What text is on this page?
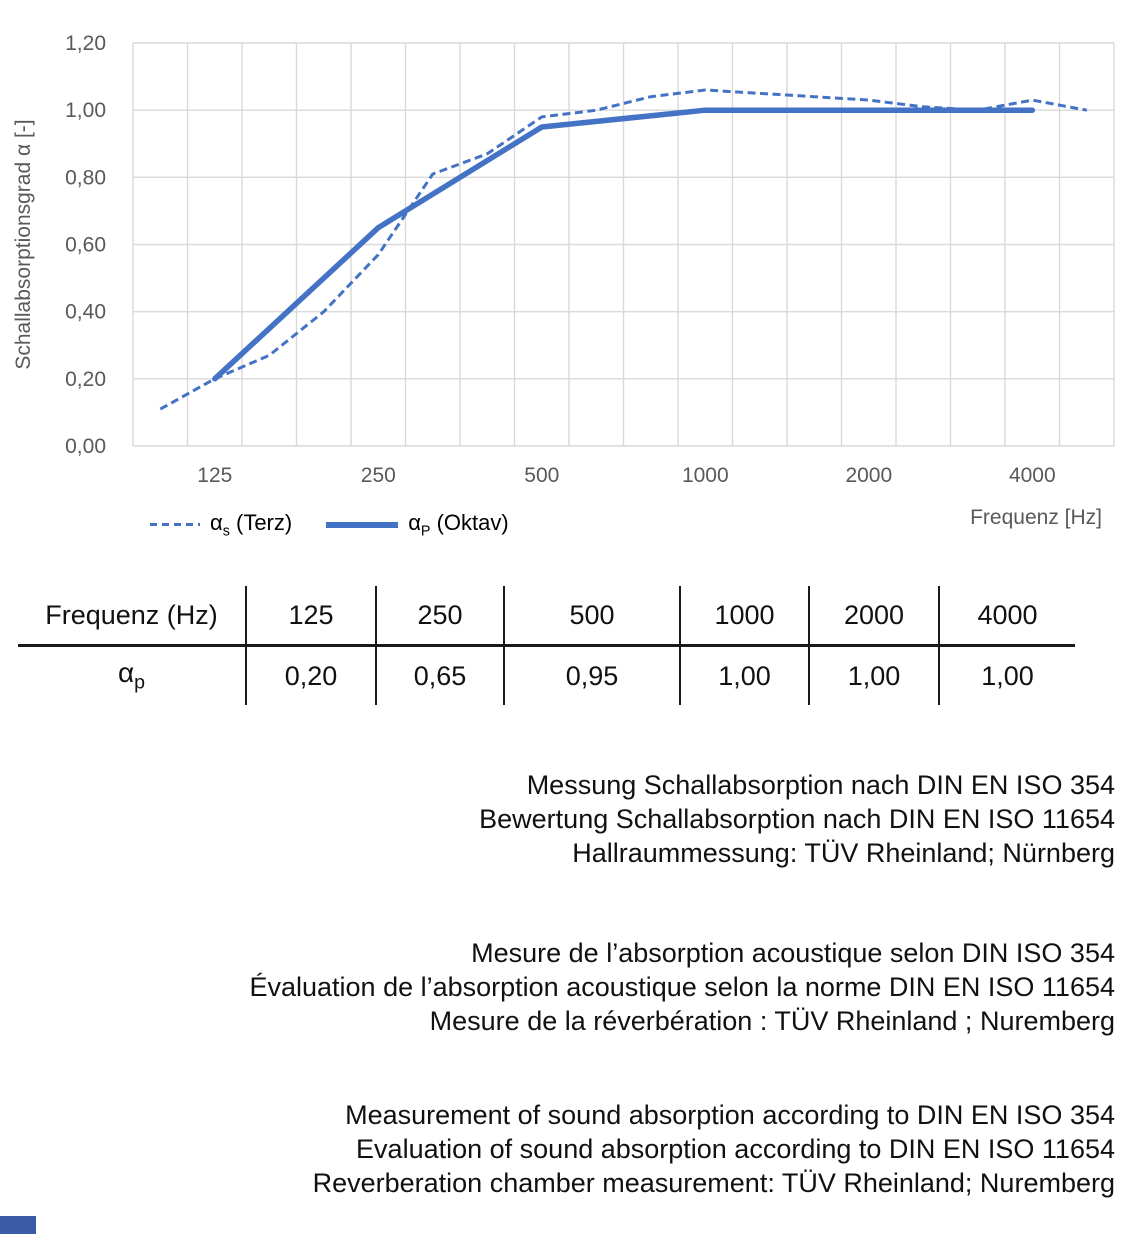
1,20
1,00
0,80
0,60
0,40
0,20
0,00
125	250	500	1000	2000	4000
Schallabsorptionsgrad α [-]
$\alpha_s$ (Terz)	$\alpha_P$ (Oktav)	Frequenz [Hz]
Frequenz (Hz)	125	250	500	1000	2000	4000
$\alpha_p$	0,20	0,65	0,95	1,00	1,00	1,00
Messung Schallabsorption nach DIN EN ISO 354
Bewertung Schallabsorption nach DIN EN ISO 11654
Hallraummessung: TÜV Rheinland; Nürnberg
Mesure de l’absorption acoustique selon DIN ISO 354
Évaluation de l’absorption acoustique selon la norme DIN EN ISO 11654
Mesure de la réverbération : TÜV Rheinland ; Nuremberg
Measurement of sound absorption according to DIN EN ISO 354
Evaluation of sound absorption according to DIN EN ISO 11654
Reverberation chamber measurement: TÜV Rheinland; Nuremberg
